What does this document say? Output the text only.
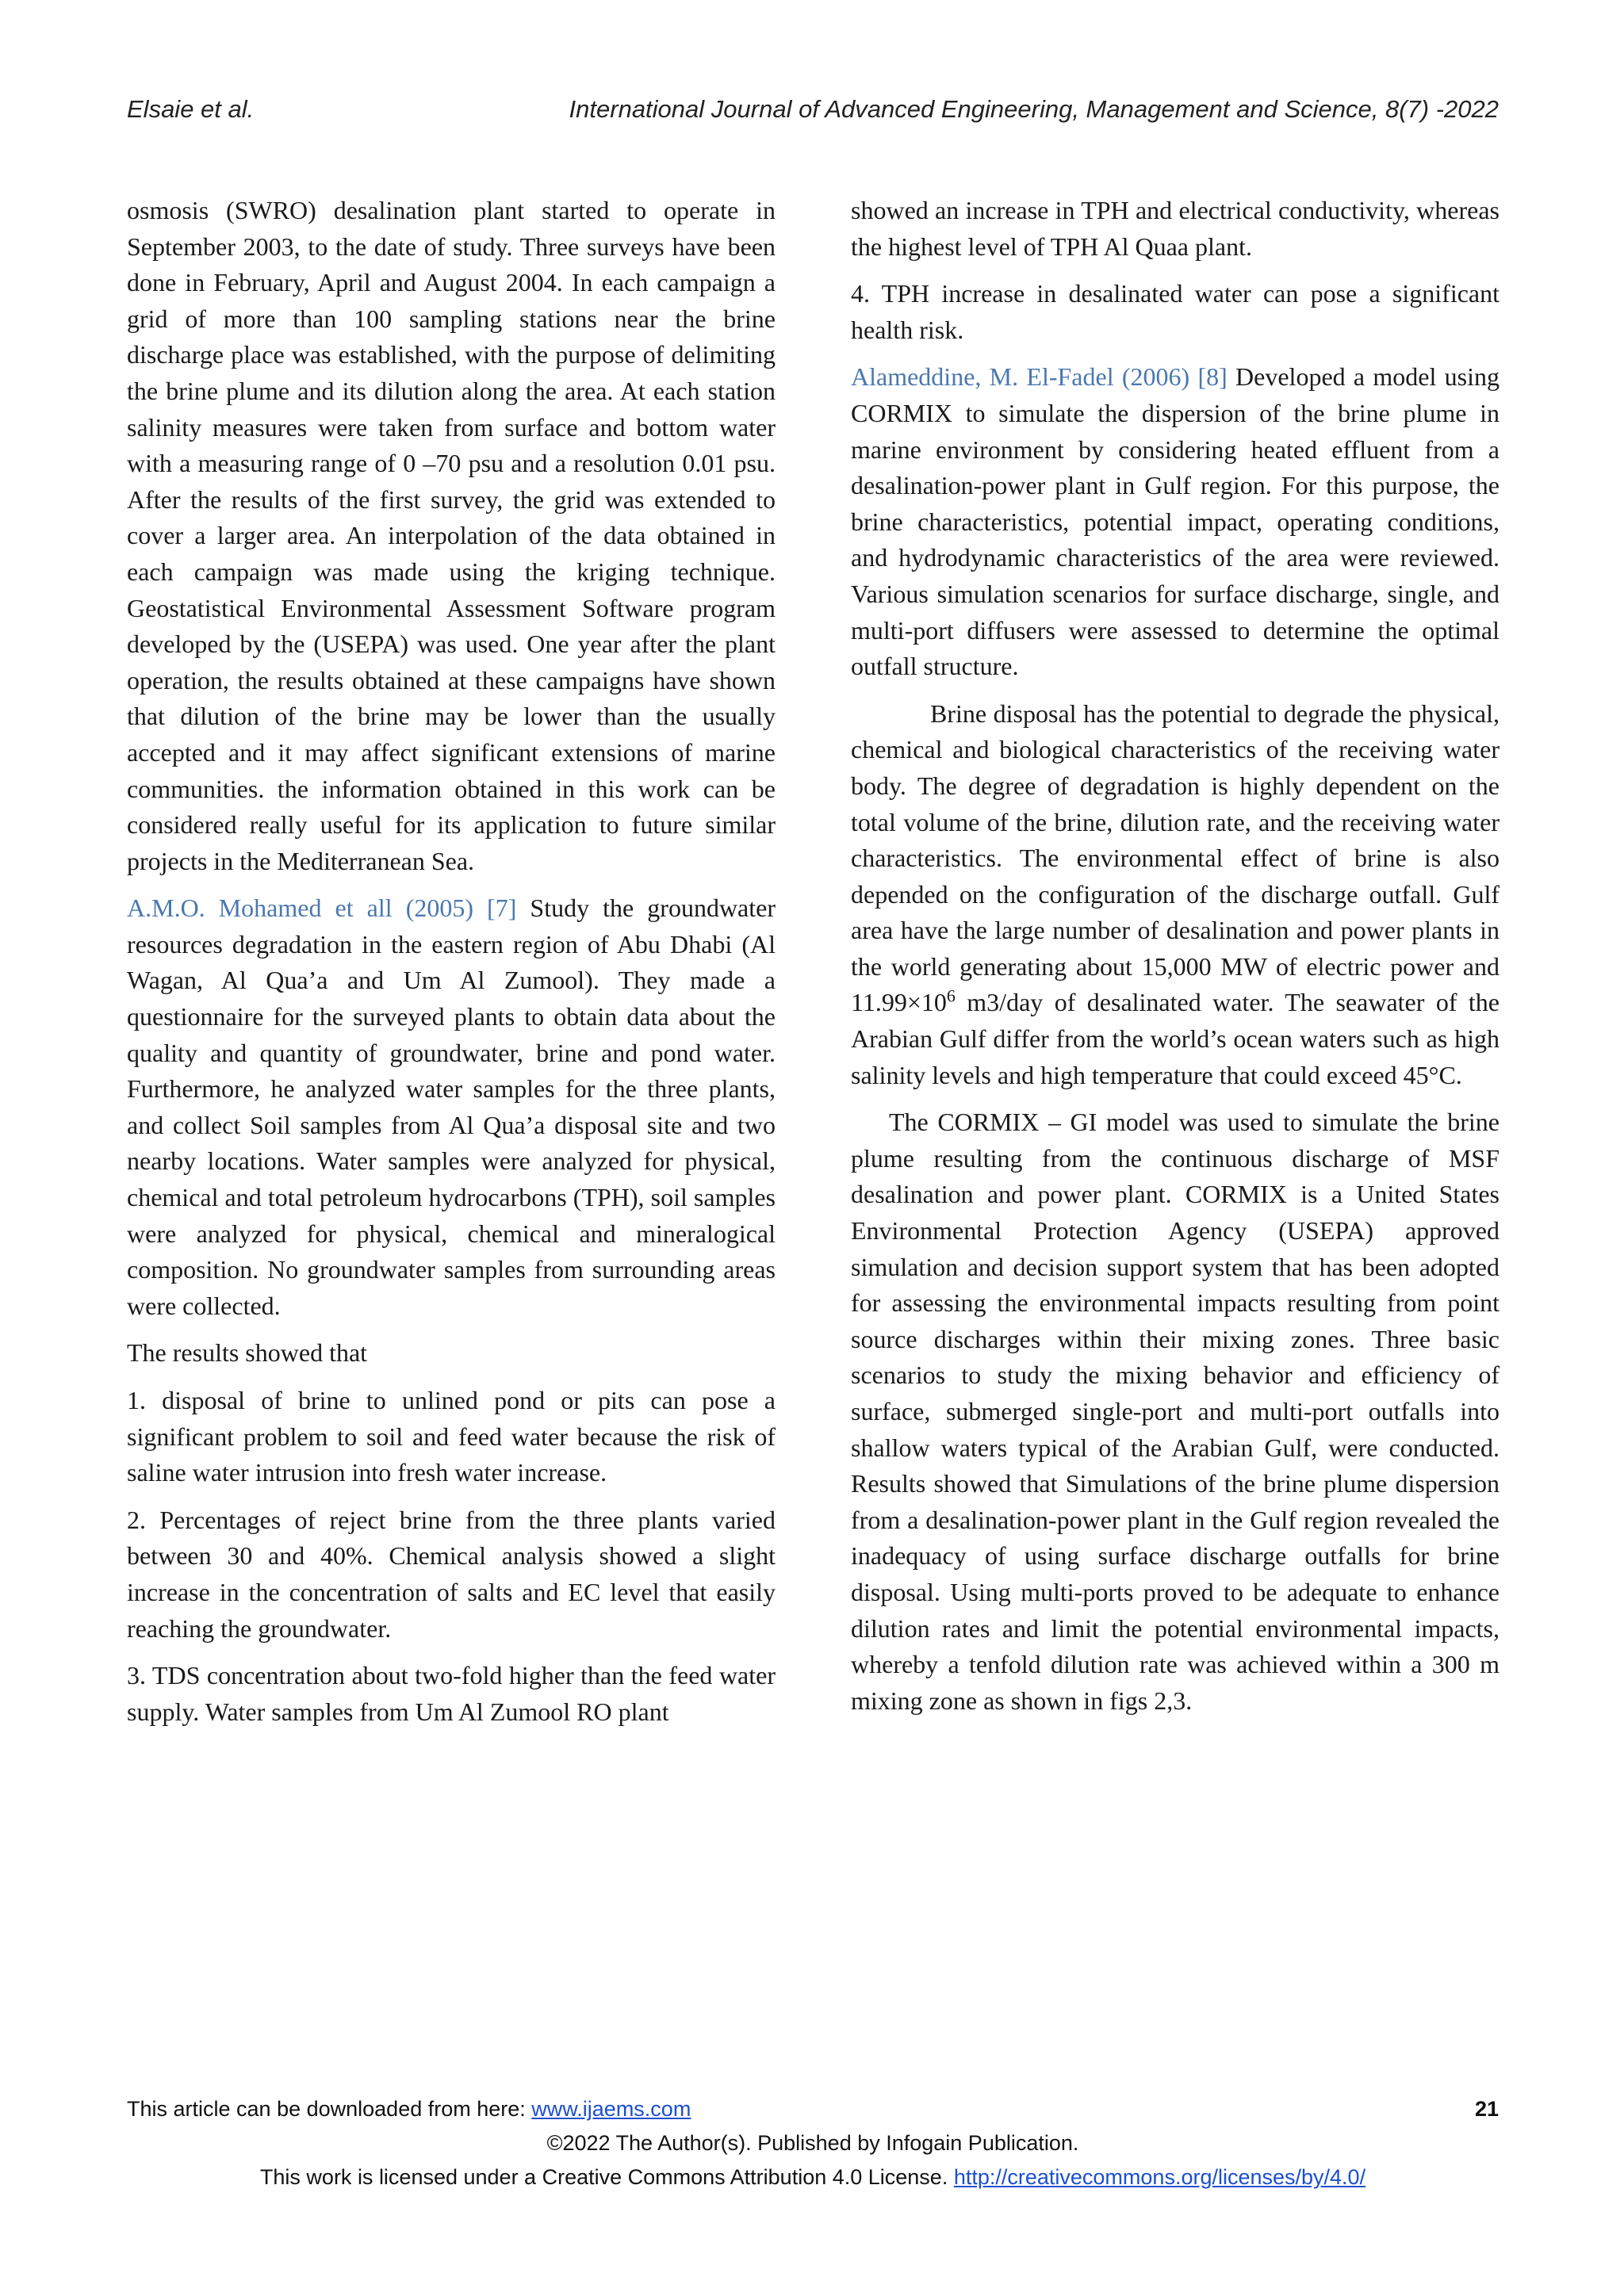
Elsaie et al.	International Journal of Advanced Engineering, Management and Science, 8(7) -2022

osmosis (SWRO) desalination plant started to operate in September 2003, to the date of study. Three surveys have been done in February, April and August 2004. In each campaign a grid of more than 100 sampling stations near the brine discharge place was established, with the purpose of delimiting the brine plume and its dilution along the area. At each station salinity measures were taken from surface and bottom water with a measuring range of 0 –70 psu and a resolution 0.01 psu. After the results of the first survey, the grid was extended to cover a larger area. An interpolation of the data obtained in each campaign was made using the kriging technique. Geostatistical Environmental Assessment Software program developed by the (USEPA) was used. One year after the plant operation, the results obtained at these campaigns have shown that dilution of the brine may be lower than the usually accepted and it may affect significant extensions of marine communities. the information obtained in this work can be considered really useful for its application to future similar projects in the Mediterranean Sea.

A.M.O. Mohamed et all (2005) [7] Study the groundwater resources degradation in the eastern region of Abu Dhabi (Al Wagan, Al Qua’a and Um Al Zumool). They made a questionnaire for the surveyed plants to obtain data about the quality and quantity of groundwater, brine and pond water. Furthermore, he analyzed water samples for the three plants, and collect Soil samples from Al Qua’a disposal site and two nearby locations. Water samples were analyzed for physical, chemical and total petroleum hydrocarbons (TPH), soil samples were analyzed for physical, chemical and mineralogical composition. No groundwater samples from surrounding areas were collected.

The results showed that

1. disposal of brine to unlined pond or pits can pose a significant problem to soil and feed water because the risk of saline water intrusion into fresh water increase.

2. Percentages of reject brine from the three plants varied between 30 and 40%. Chemical analysis showed a slight increase in the concentration of salts and EC level that easily reaching the groundwater.

3. TDS concentration about two-fold higher than the feed water supply. Water samples from Um Al Zumool RO plant

showed an increase in TPH and electrical conductivity, whereas the highest level of TPH Al Quaa plant.

4. TPH increase in desalinated water can pose a significant health risk.

Alameddine, M. El-Fadel (2006) [8] Developed a model using CORMIX to simulate the dispersion of the brine plume in marine environment by considering heated effluent from a desalination-power plant in Gulf region. For this purpose, the brine characteristics, potential impact, operating conditions, and hydrodynamic characteristics of the area were reviewed. Various simulation scenarios for surface discharge, single, and multi-port diffusers were assessed to determine the optimal outfall structure.

Brine disposal has the potential to degrade the physical, chemical and biological characteristics of the receiving water body. The degree of degradation is highly dependent on the total volume of the brine, dilution rate, and the receiving water characteristics. The environmental effect of brine is also depended on the configuration of the discharge outfall. Gulf area have the large number of desalination and power plants in the world generating about 15,000 MW of electric power and $11.99\times 10^6$ m3/day of desalinated water. The seawater of the Arabian Gulf differ from the world’s ocean waters such as high salinity levels and high temperature that could exceed 45°C.

The CORMIX – GI model was used to simulate the brine plume resulting from the continuous discharge of MSF desalination and power plant. CORMIX is a United States Environmental Protection Agency (USEPA) approved simulation and decision support system that has been adopted for assessing the environmental impacts resulting from point source discharges within their mixing zones. Three basic scenarios to study the mixing behavior and efficiency of surface, submerged single-port and multi-port outfalls into shallow waters typical of the Arabian Gulf, were conducted. Results showed that Simulations of the brine plume dispersion from a desalination-power plant in the Gulf region revealed the inadequacy of using surface discharge outfalls for brine disposal. Using multi-ports proved to be adequate to enhance dilution rates and limit the potential environmental impacts, whereby a tenfold dilution rate was achieved within a 300 m mixing zone as shown in figs 2,3.

This article can be downloaded from here: www.ijaems.com	21
©2022 The Author(s). Published by Infogain Publication.
This work is licensed under a Creative Commons Attribution 4.0 License. http://creativecommons.org/licenses/by/4.0/
